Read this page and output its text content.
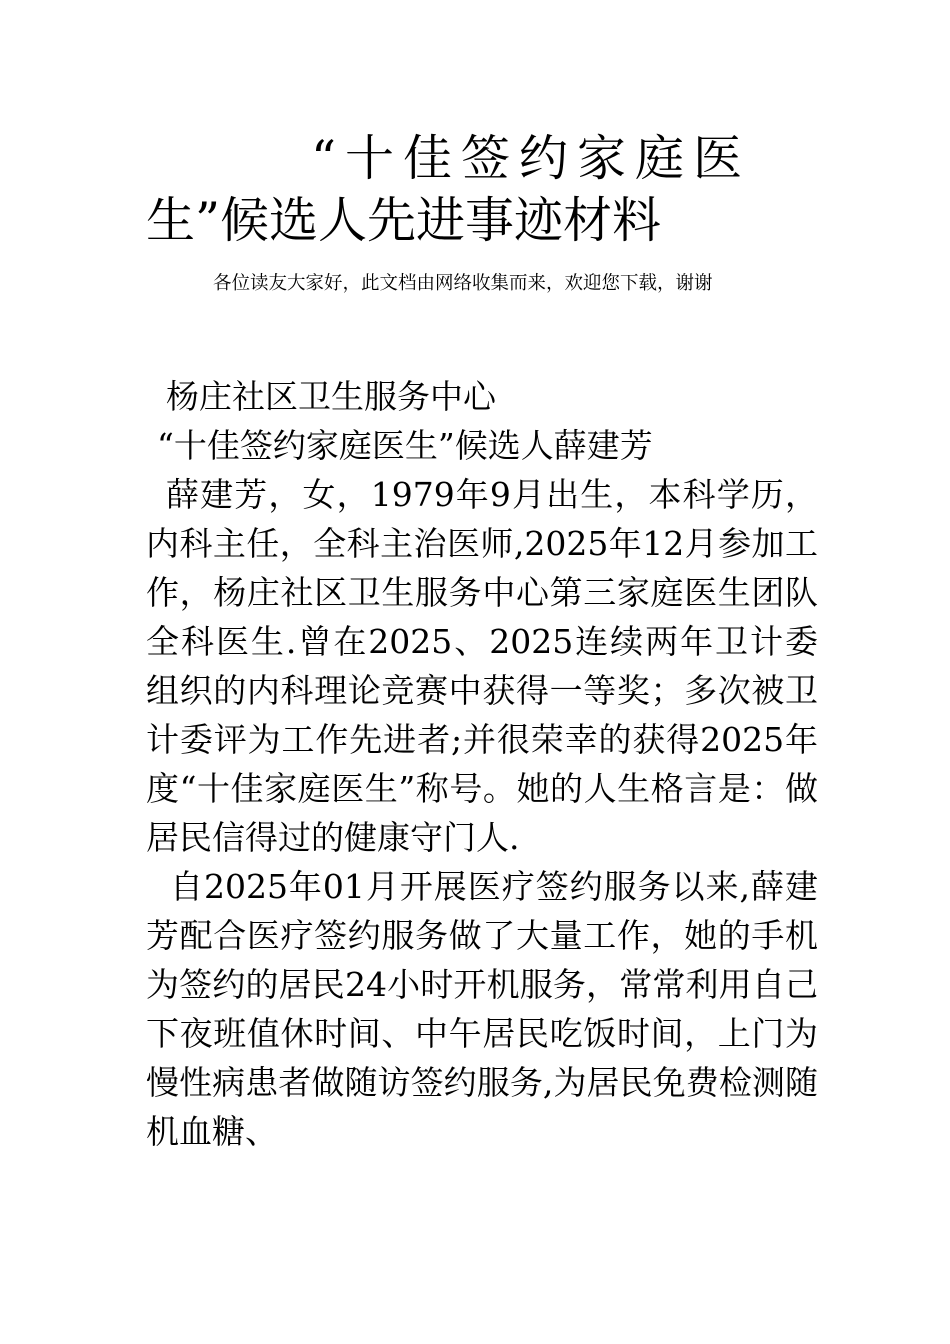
“十佳签约家庭医
生”候选人先进事迹材料

各位读友大家好，此文档由网络收集而来，欢迎您下载，谢谢

杨庄社区卫生服务中心

“十佳签约家庭医生”候选人薛建芳

薛建芳，女，1979年9月出生，本科学历，内科主任，全科主治医师,2025年12月参加工作，杨庄社区卫生服务中心第三家庭医生团队全科医生.曾在2025、2025连续两年卫计委组织的内科理论竞赛中获得一等奖；多次被卫计委评为工作先进者;并很荣幸的获得2025年度“十佳家庭医生”称号。她的人生格言是：做居民信得过的健康守门人.

自2025年01月开展医疗签约服务以来,薛建芳配合医疗签约服务做了大量工作，她的手机为签约的居民24小时开机服务，常常利用自己下夜班值休时间、中午居民吃饭时间，上门为慢性病患者做随访签约服务,为居民免费检测随机血糖、
